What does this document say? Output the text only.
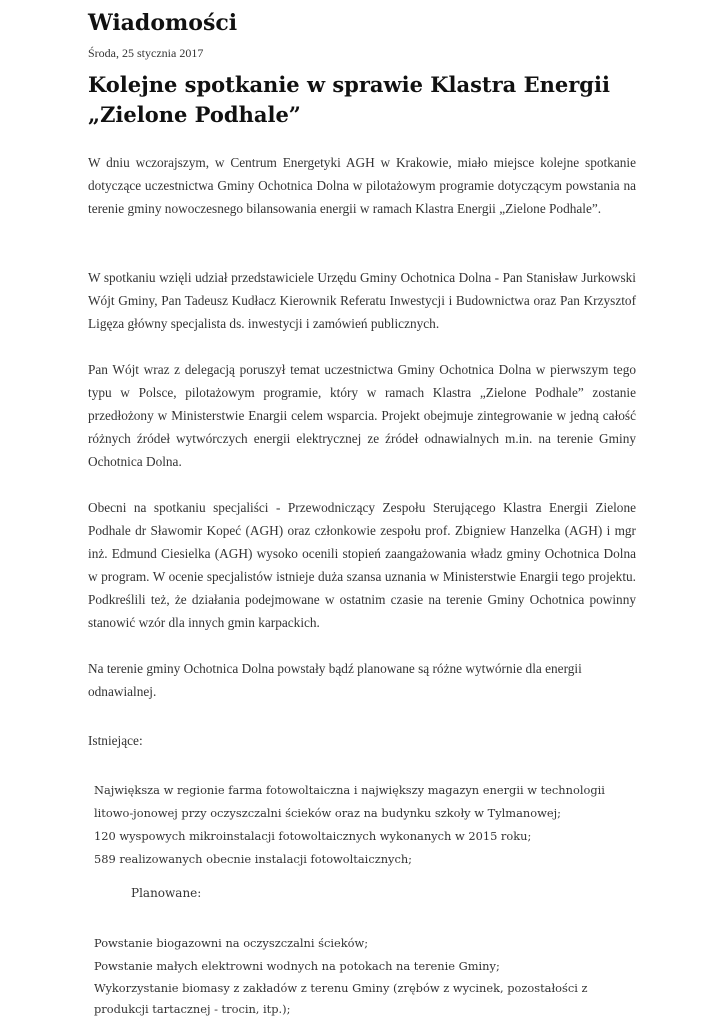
Wiadomości
Środa, 25 stycznia 2017
Kolejne spotkanie w sprawie Klastra Energii „Zielone Podhale”

W dniu wczorajszym, w Centrum Energetyki AGH w Krakowie, miało miejsce kolejne spotkanie dotyczące uczestnictwa Gminy Ochotnica Dolna w pilotażowym programie dotyczącym powstania na terenie gminy nowoczesnego bilansowania energii w ramach Klastra Energii „Zielone Podhale”.

W spotkaniu wzięli udział przedstawiciele Urzędu Gminy Ochotnica Dolna - Pan Stanisław Jurkowski Wójt Gminy, Pan Tadeusz Kudłacz Kierownik Referatu Inwestycji i Budownictwa oraz Pan Krzysztof Ligęza główny specjalista ds. inwestycji i zamówień publicznych.

Pan Wójt wraz z delegacją poruszył temat uczestnictwa Gminy Ochotnica Dolna w pierwszym tego typu w Polsce, pilotażowym programie, który w ramach Klastra „Zielone Podhale” zostanie przedłożony w Ministerstwie Enargii celem wsparcia. Projekt obejmuje zintegrowanie w jedną całość różnych źródeł wytwórczych energii elektrycznej ze źródeł odnawialnych m.in. na terenie Gminy Ochotnica Dolna.

Obecni na spotkaniu specjaliści - Przewodniczący Zespołu Sterującego Klastra Energii Zielone Podhale dr Sławomir Kopeć (AGH) oraz członkowie zespołu prof. Zbigniew Hanzelka (AGH) i mgr inż. Edmund Ciesielka (AGH) wysoko ocenili stopień zaangażowania władz gminy Ochotnica Dolna w program. W ocenie specjalistów istnieje duża szansa uznania w Ministerstwie Enargii tego projektu. Podkreślili też, że działania podejmowane w ostatnim czasie na terenie Gminy Ochotnica powinny stanowić wzór dla innych gmin karpackich.

Na terenie gminy Ochotnica Dolna powstały bądź planowane są różne wytwórnie dla energii odnawialnej.

Istniejące:

Największa w regionie farma fotowoltaiczna i największy magazyn energii w technologii
litowo-jonowej przy oczyszczalni ścieków oraz na budynku szkoły w Tylmanowej;
120 wyspowych mikroinstalacji fotowoltaicznych wykonanych w 2015 roku;
589 realizowanych obecnie instalacji fotowoltaicznych;
Planowane:
Powstanie biogazowni na oczyszczalni ścieków;
Powstanie małych elektrowni wodnych na potokach na terenie Gminy;
Wykorzystanie biomasy z zakładów z terenu Gminy (zrębów z wycinek, pozostałości z
produkcji tartacznej - trocin, itp.);
